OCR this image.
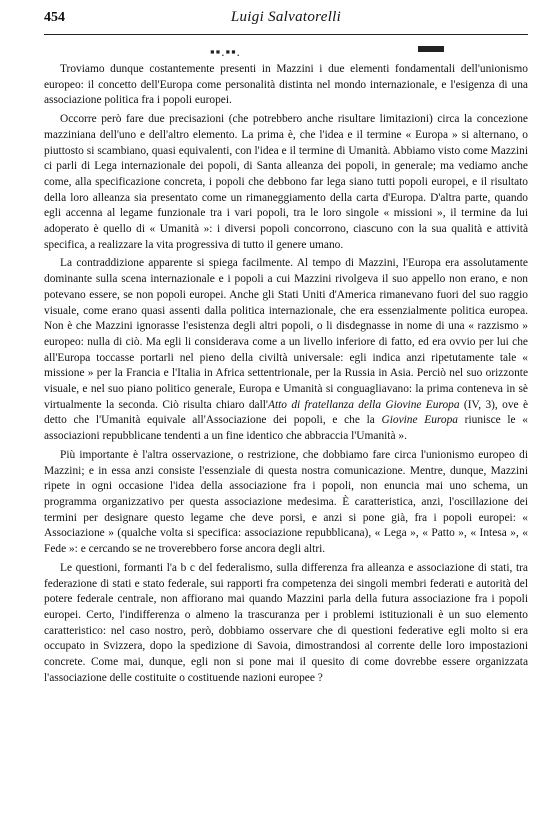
454	Luigi Salvatorelli
▪▪.▪▪.

Troviamo dunque costantemente presenti in Mazzini i due elementi fondamentali dell'unionismo europeo: il concetto dell'Europa come personalità distinta nel mondo internazionale, e l'esigenza di una associazione politica fra i popoli europei.

Occorre però fare due precisazioni (che potrebbero anche risultare limitazioni) circa la concezione mazziniana dell'uno e dell'altro elemento. La prima è, che l'idea e il termine « Europa » si alternano, o piuttosto si scambiano, quasi equivalenti, con l'idea e il termine di Umanità. Abbiamo visto come Mazzini ci parli di Lega internazionale dei popoli, di Santa alleanza dei popoli, in generale; ma vediamo anche come, alla specificazione concreta, i popoli che debbono far lega siano tutti popoli europei, e il risultato della loro alleanza sia presentato come un rimaneggiamento della carta d'Europa. D'altra parte, quando egli accenna al legame funzionale tra i vari popoli, tra le loro singole « missioni », il termine da lui adoperato è quello di « Umanità »: i diversi popoli concorrono, ciascuno con la sua qualità e attività specifica, a realizzare la vita progressiva di tutto il genere umano.

La contraddizione apparente si spiega facilmente. Al tempo di Mazzini, l'Europa era assolutamente dominante sulla scena internazionale e i popoli a cui Mazzini rivolgeva il suo appello non erano, e non potevano essere, se non popoli europei. Anche gli Stati Uniti d'America rimanevano fuori del suo raggio visuale, come erano quasi assenti dalla politica internazionale, che era essenzialmente politica europea. Non è che Mazzini ignorasse l'esistenza degli altri popoli, o li disdegnasse in nome di una « razzismo » europeo: nulla di ciò. Ma egli li considerava come a un livello inferiore di fatto, ed era ovvio per lui che all'Europa toccasse portarli nel pieno della civiltà universale: egli indica anzi ripetutamente tale « missione » per la Francia e l'Italia in Africa settentrionale, per la Russia in Asia. Perciò nel suo orizzonte visuale, e nel suo piano politico generale, Europa e Umanità si conguagliavano: la prima conteneva in sè virtualmente la seconda. Ciò risulta chiaro dall'Atto di fratellanza della Giovine Europa (IV, 3), ove è detto che l'Umanità equivale all'Associazione dei popoli, e che la Giovine Europa riunisce le « associazioni repubblicane tendenti a un fine identico che abbraccia l'Umanità ».

Più importante è l'altra osservazione, o restrizione, che dobbiamo fare circa l'unionismo europeo di Mazzini; e in essa anzi consiste l'essenziale di questa nostra comunicazione. Mentre, dunque, Mazzini ripete in ogni occasione l'idea della associazione fra i popoli, non enuncia mai uno schema, un programma organizzativo per questa associazione medesima. È caratteristica, anzi, l'oscillazione dei termini per designare questo legame che deve porsi, e anzi si pone già, fra i popoli europei: « Associazione » (qualche volta si specifica: associazione repubblicana), « Lega », « Patto », « Intesa », « Fede »: e cercando se ne troverebbero forse ancora degli altri.

Le questioni, formanti l'a b c del federalismo, sulla differenza fra alleanza e associazione di stati, tra federazione di stati e stato federale, sui rapporti fra competenza dei singoli membri federati e autorità del potere federale centrale, non affiorano mai quando Mazzini parla della futura associazione fra i popoli europei. Certo, l'indifferenza o almeno la trascuranza per i problemi istituzionali è un suo elemento caratteristico: nel caso nostro, però, dobbiamo osservare che di questioni federative egli molto si era occupato in Svizzera, dopo la spedizione di Savoia, dimostrandosi al corrente delle loro impostazioni concrete. Come mai, dunque, egli non si pone mai il quesito di come dovrebbe essere organizzata l'associazione delle costituite o costituende nazioni europee ?
